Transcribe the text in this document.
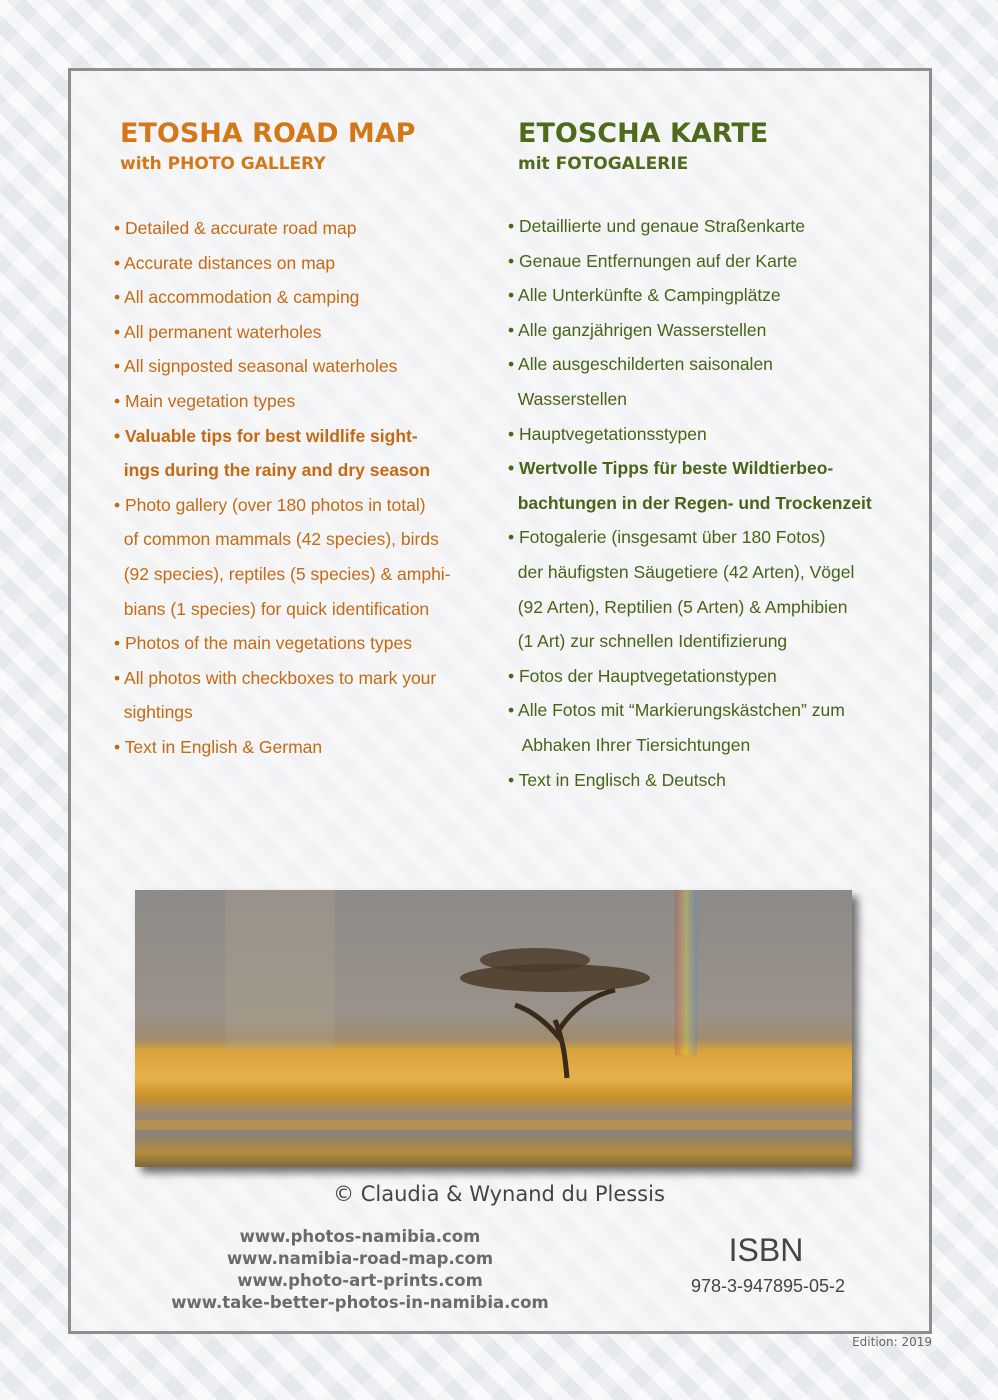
ETOSHA ROAD MAP
with PHOTO GALLERY
ETOSCHA KARTE
mit FOTOGALERIE
• Detailed & accurate road map
• Accurate distances on map
• All accommodation & camping
• All permanent waterholes
• All signposted seasonal waterholes
• Main vegetation types
• Valuable tips for best wildlife sight-
ings during the rainy and dry season
• Photo gallery (over 180 photos in total)
of common mammals (42 species), birds
(92 species), reptiles (5 species) & amphi-
bians (1 species) for quick identification
• Photos of the main vegetations types
• All photos with checkboxes to mark your
sightings
• Text in English & German
• Detaillierte und genaue Straßenkarte
• Genaue Entfernungen auf der Karte
• Alle Unterkünfte & Campingplätze
• Alle ganzjährigen Wasserstellen
• Alle ausgeschilderten saisonalen
Wasserstellen
• Hauptvegetationsstypen
• Wertvolle Tipps für beste Wildtierbeo-
bachtungen in der Regen- und Trockenzeit
• Fotogalerie (insgesamt über 180 Fotos)
der häufigsten Säugetiere (42 Arten), Vögel
(92 Arten), Reptilien (5 Arten) & Amphibien
(1 Art) zur schnellen Identifizierung
• Fotos der Hauptvegetationstypen
• Alle Fotos mit “Markierungskästchen” zum
Abhaken Ihrer Tiersichtungen
• Text in Englisch & Deutsch
© Claudia & Wynand du Plessis
www.photos-namibia.com
www.namibia-road-map.com
www.photo-art-prints.com
www.take-better-photos-in-namibia.com
ISBN
978-3-947895-05-2
Edition: 2019
